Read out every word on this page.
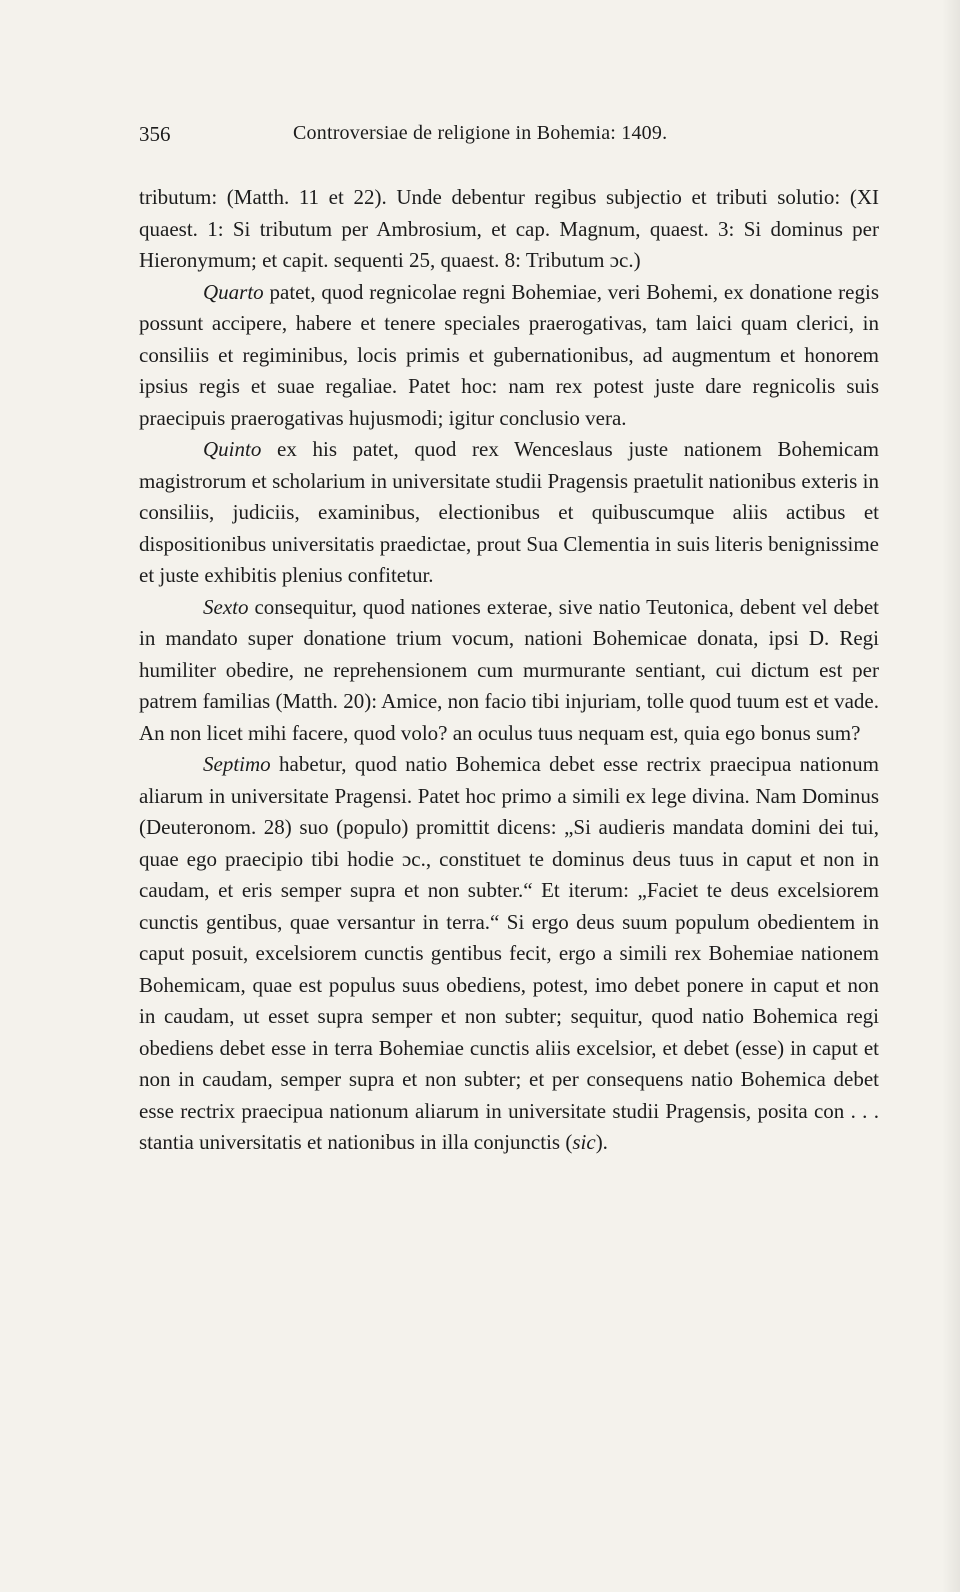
356	Controversiae de religione in Bohemia: 1409.

tributum: (Matth. 11 et 22). Unde debentur regibus subjectio et tributi solutio: (XI quaest. 1: Si tributum per Ambrosium, et cap. Magnum, quaest. 3: Si dominus per Hieronymum; et capit. sequenti 25, quaest. 8: Tributum ɔc.)

Quarto patet, quod regnicolae regni Bohemiae, veri Bohemi, ex donatione regis possunt accipere, habere et tenere speciales praerogativas, tam laici quam clerici, in consiliis et regiminibus, locis primis et gubernationibus, ad augmentum et honorem ipsius regis et suae regaliae. Patet hoc: nam rex potest juste dare regnicolis suis praecipuis praerogativas hujusmodi; igitur conclusio vera.

Quinto ex his patet, quod rex Wenceslaus juste nationem Bohemicam magistrorum et scholarium in universitate studii Pragensis praetulit nationibus exteris in consiliis, judiciis, examinibus, electionibus et quibuscumque aliis actibus et dispositionibus universitatis praedictae, prout Sua Clementia in suis literis benignissime et juste exhibitis plenius confitetur.

Sexto consequitur, quod nationes exterae, sive natio Teutonica, debent vel debet in mandato super donatione trium vocum, nationi Bohemicae donata, ipsi D. Regi humiliter obedire, ne reprehensionem cum murmurante sentiant, cui dictum est per patrem familias (Matth. 20): Amice, non facio tibi injuriam, tolle quod tuum est et vade. An non licet mihi facere, quod volo? an oculus tuus nequam est, quia ego bonus sum?

Septimo habetur, quod natio Bohemica debet esse rectrix praecipua nationum aliarum in universitate Pragensi. Patet hoc primo a simili ex lege divina. Nam Dominus (Deuteronom. 28) suo (populo) promittit dicens: „Si audieris mandata domini dei tui, quae ego praecipio tibi hodie ɔc., constituet te dominus deus tuus in caput et non in caudam, et eris semper supra et non subter.“ Et iterum: „Faciet te deus excelsiorem cunctis gentibus, quae versantur in terra.“ Si ergo deus suum populum obedientem in caput posuit, excelsiorem cunctis gentibus fecit, ergo a simili rex Bohemiae nationem Bohemicam, quae est populus suus obediens, potest, imo debet ponere in caput et non in caudam, ut esset supra semper et non subter; sequitur, quod natio Bohemica regi obediens debet esse in terra Bohemiae cunctis aliis excelsior, et debet (esse) in caput et non in caudam, semper supra et non subter; et per consequens natio Bohemica debet esse rectrix praecipua nationum aliarum in universitate studii Pragensis, posita con . . . stantia universitatis et nationibus in illa conjunctis (sic).
